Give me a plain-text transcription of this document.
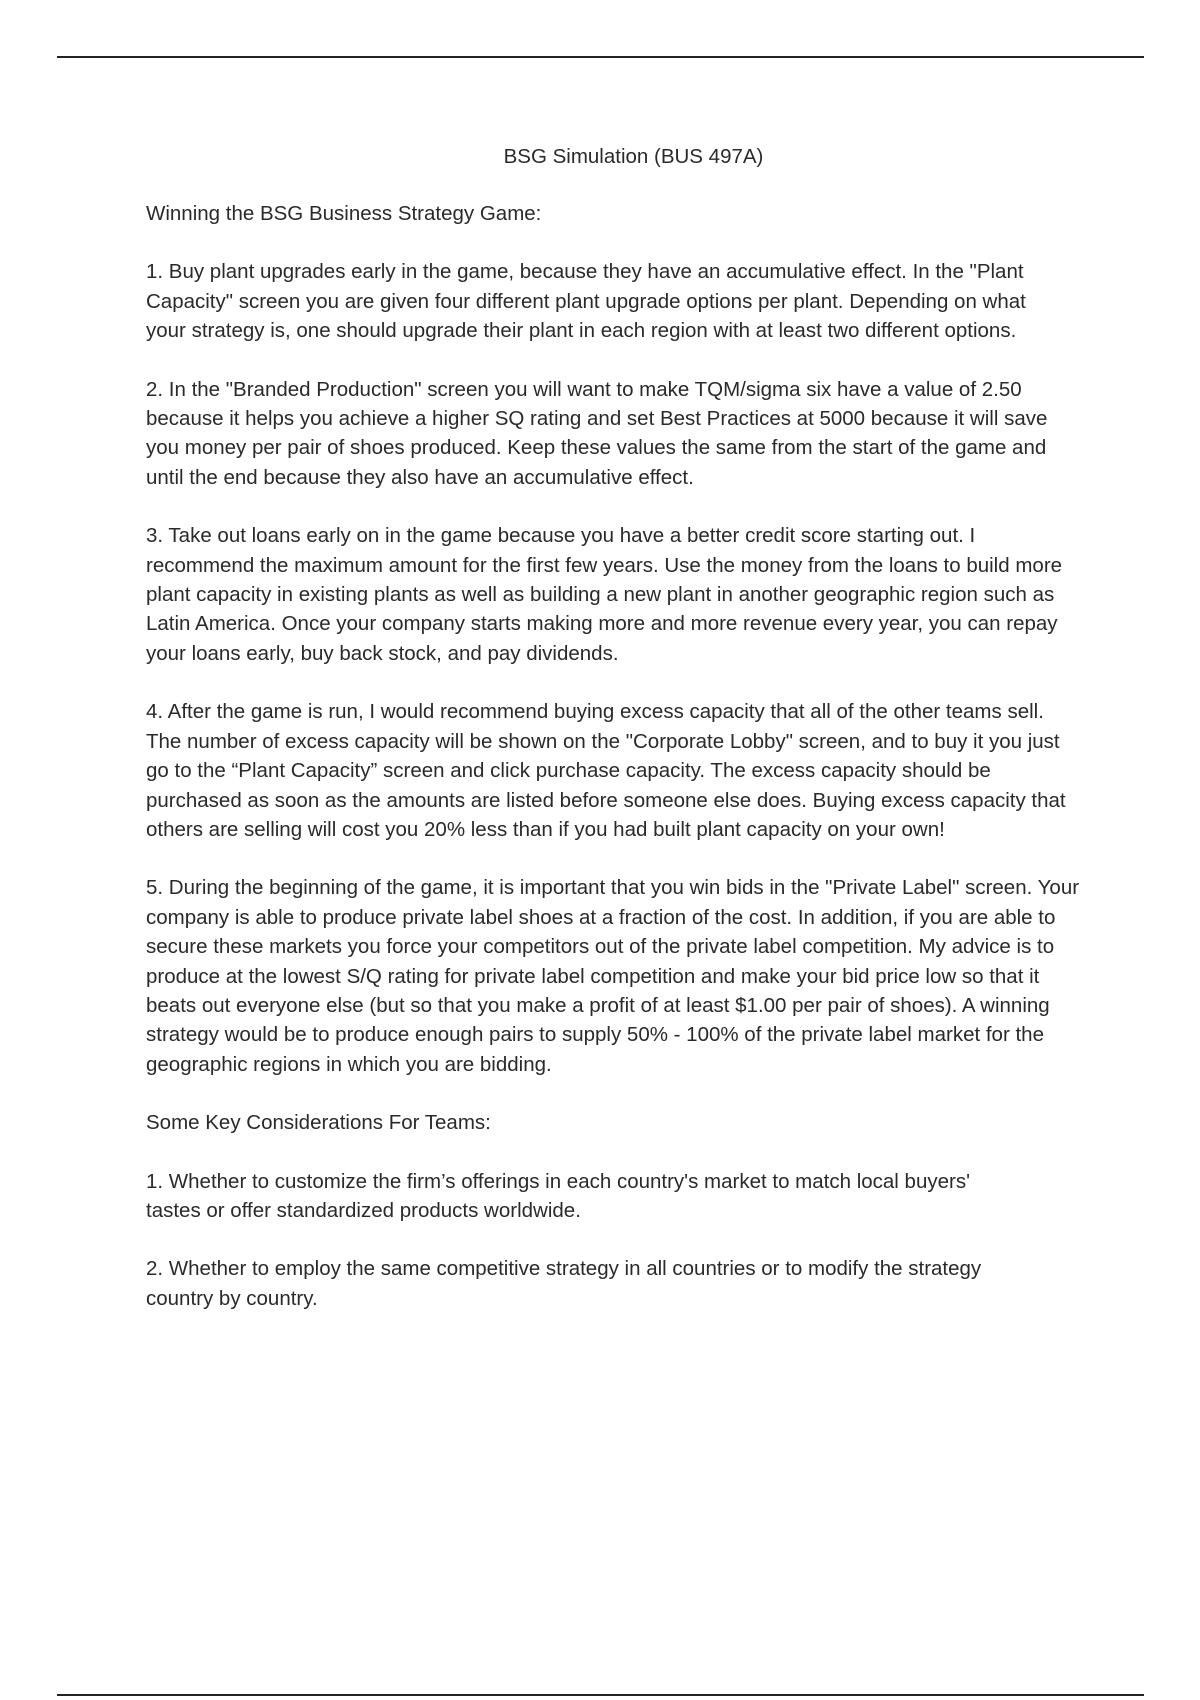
BSG Simulation (BUS 497A)

Winning the BSG Business Strategy Game:

1. Buy plant upgrades early in the game, because they have an accumulative effect. In the "Plant Capacity" screen you are given four different plant upgrade options per plant. Depending on what your strategy is, one should upgrade their plant in each region with at least two different options.

2. In the "Branded Production" screen you will want to make TQM/sigma six have a value of 2.50 because it helps you achieve a higher SQ rating and set Best Practices at 5000 because it will save you money per pair of shoes produced. Keep these values the same from the start of the game and until the end because they also have an accumulative effect.

3. Take out loans early on in the game because you have a better credit score starting out. I recommend the maximum amount for the first few years. Use the money from the loans to build more plant capacity in existing plants as well as building a new plant in another geographic region such as Latin America. Once your company starts making more and more revenue every year, you can repay your loans early, buy back stock, and pay dividends.

4. After the game is run, I would recommend buying excess capacity that all of the other teams sell. The number of excess capacity will be shown on the "Corporate Lobby" screen, and to buy it you just go to the “Plant Capacity” screen and click purchase capacity. The excess capacity should be purchased as soon as the amounts are listed before someone else does. Buying excess capacity that others are selling will cost you 20% less than if you had built plant capacity on your own!

5. During the beginning of the game, it is important that you win bids in the "Private Label" screen. Your company is able to produce private label shoes at a fraction of the cost. In addition, if you are able to secure these markets you force your competitors out of the private label competition. My advice is to produce at the lowest S/Q rating for private label competition and make your bid price low so that it beats out everyone else (but so that you make a profit of at least $1.00 per pair of shoes). A winning strategy would be to produce enough pairs to supply 50% - 100% of the private label market for the geographic regions in which you are bidding.

Some Key Considerations For Teams:

1. Whether to customize the firm’s offerings in each country's market to match local buyers' tastes or offer standardized products worldwide.

2. Whether to employ the same competitive strategy in all countries or to modify the strategy country by country.
